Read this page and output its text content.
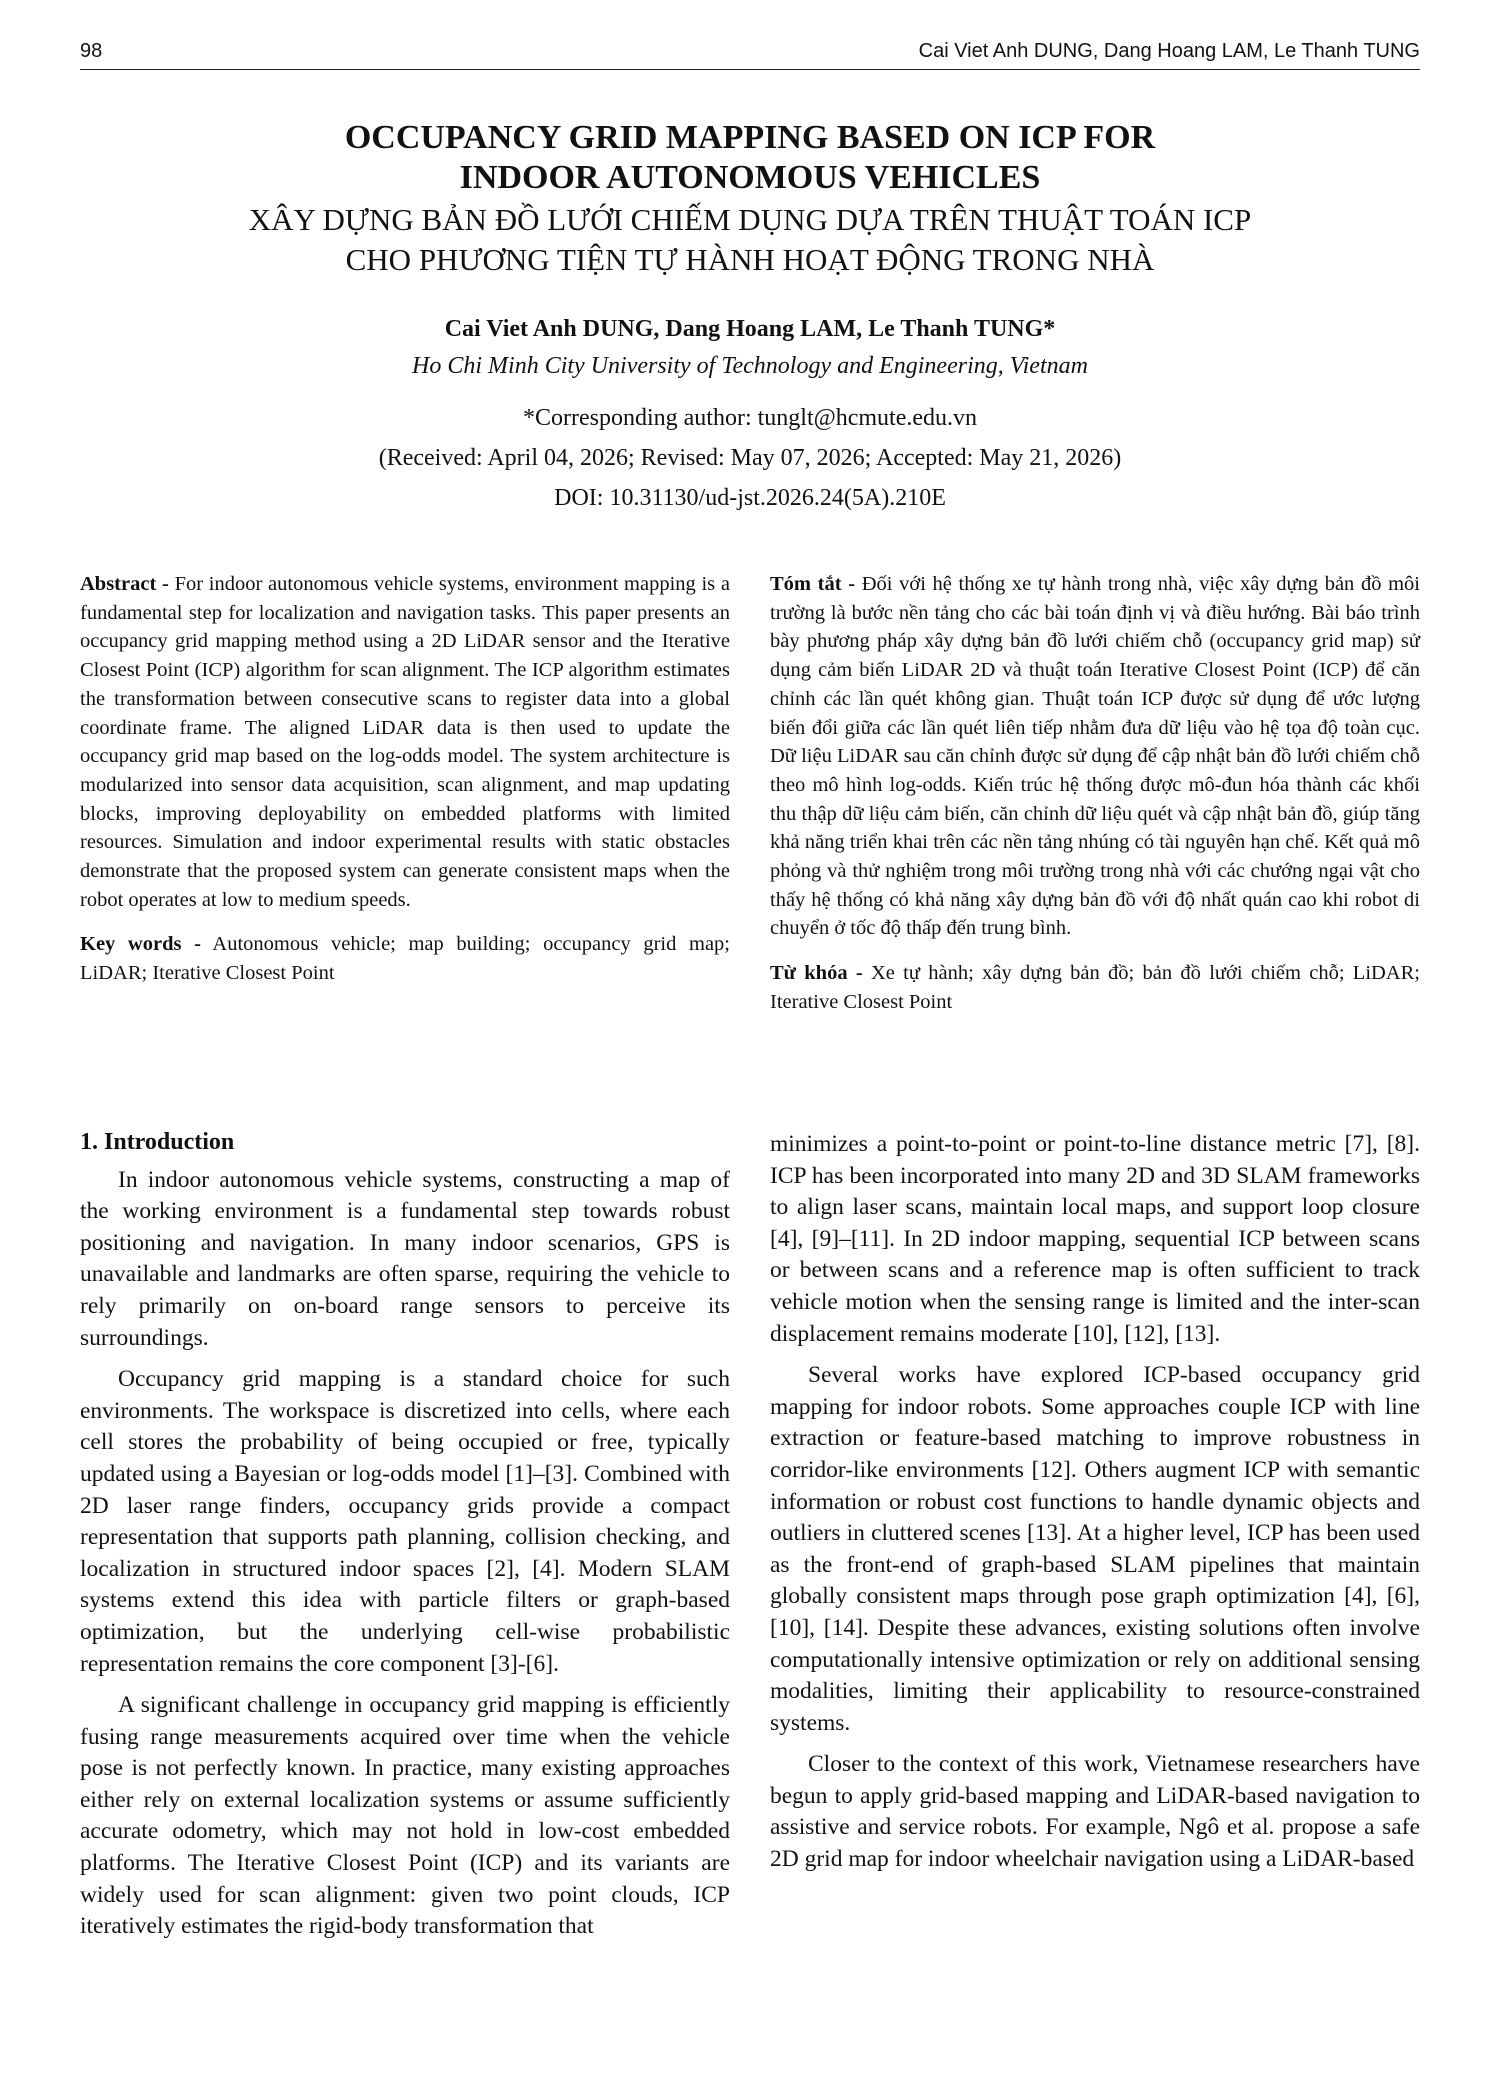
98	Cai Viet Anh DUNG, Dang Hoang LAM, Le Thanh TUNG
OCCUPANCY GRID MAPPING BASED ON ICP FOR
INDOOR AUTONOMOUS VEHICLES
XÂY DỰNG BẢN ĐỒ LƯỚI CHIẾM DỤNG DỰA TRÊN THUẬT TOÁN ICP
CHO PHƯƠNG TIỆN TỰ HÀNH HOẠT ĐỘNG TRONG NHÀ
Cai Viet Anh DUNG, Dang Hoang LAM, Le Thanh TUNG*
Ho Chi Minh City University of Technology and Engineering, Vietnam
*Corresponding author: tunglt@hcmute.edu.vn
(Received: April 04, 2026; Revised: May 07, 2026; Accepted: May 21, 2026)
DOI: 10.31130/ud-jst.2026.24(5A).210E

Abstract - For indoor autonomous vehicle systems, environment mapping is a fundamental step for localization and navigation tasks. This paper presents an occupancy grid mapping method using a 2D LiDAR sensor and the Iterative Closest Point (ICP) algorithm for scan alignment. The ICP algorithm estimates the transformation between consecutive scans to register data into a global coordinate frame. The aligned LiDAR data is then used to update the occupancy grid map based on the log-odds model. The system architecture is modularized into sensor data acquisition, scan alignment, and map updating blocks, improving deployability on embedded platforms with limited resources. Simulation and indoor experimental results with static obstacles demonstrate that the proposed system can generate consistent maps when the robot operates at low to medium speeds.

Key words - Autonomous vehicle; map building; occupancy grid map; LiDAR; Iterative Closest Point

Tóm tắt - Đối với hệ thống xe tự hành trong nhà, việc xây dựng bản đồ môi trường là bước nền tảng cho các bài toán định vị và điều hướng. Bài báo trình bày phương pháp xây dựng bản đồ lưới chiếm chỗ (occupancy grid map) sử dụng cảm biến LiDAR 2D và thuật toán Iterative Closest Point (ICP) để căn chỉnh các lần quét không gian. Thuật toán ICP được sử dụng để ước lượng biến đổi giữa các lần quét liên tiếp nhằm đưa dữ liệu vào hệ tọa độ toàn cục. Dữ liệu LiDAR sau căn chỉnh được sử dụng để cập nhật bản đồ lưới chiếm chỗ theo mô hình log-odds. Kiến trúc hệ thống được mô-đun hóa thành các khối thu thập dữ liệu cảm biến, căn chỉnh dữ liệu quét và cập nhật bản đồ, giúp tăng khả năng triển khai trên các nền tảng nhúng có tài nguyên hạn chế. Kết quả mô phỏng và thử nghiệm trong môi trường trong nhà với các chướng ngại vật cho thấy hệ thống có khả năng xây dựng bản đồ với độ nhất quán cao khi robot di chuyển ở tốc độ thấp đến trung bình.

Từ khóa - Xe tự hành; xây dựng bản đồ; bản đồ lưới chiếm chỗ; LiDAR; Iterative Closest Point

1. Introduction

In indoor autonomous vehicle systems, constructing a map of the working environment is a fundamental step towards robust positioning and navigation. In many indoor scenarios, GPS is unavailable and landmarks are often sparse, requiring the vehicle to rely primarily on on-board range sensors to perceive its surroundings.

Occupancy grid mapping is a standard choice for such environments. The workspace is discretized into cells, where each cell stores the probability of being occupied or free, typically updated using a Bayesian or log-odds model [1]–[3]. Combined with 2D laser range finders, occupancy grids provide a compact representation that supports path planning, collision checking, and localization in structured indoor spaces [2], [4]. Modern SLAM systems extend this idea with particle filters or graph-based optimization, but the underlying cell-wise probabilistic representation remains the core component [3]-[6].

A significant challenge in occupancy grid mapping is efficiently fusing range measurements acquired over time when the vehicle pose is not perfectly known. In practice, many existing approaches either rely on external localization systems or assume sufficiently accurate odometry, which may not hold in low-cost embedded platforms. The Iterative Closest Point (ICP) and its variants are widely used for scan alignment: given two point clouds, ICP iteratively estimates the rigid-body transformation that

minimizes a point-to-point or point-to-line distance metric [7], [8]. ICP has been incorporated into many 2D and 3D SLAM frameworks to align laser scans, maintain local maps, and support loop closure [4], [9]–[11]. In 2D indoor mapping, sequential ICP between scans or between scans and a reference map is often sufficient to track vehicle motion when the sensing range is limited and the inter-scan displacement remains moderate [10], [12], [13].

Several works have explored ICP-based occupancy grid mapping for indoor robots. Some approaches couple ICP with line extraction or feature-based matching to improve robustness in corridor-like environments [12]. Others augment ICP with semantic information or robust cost functions to handle dynamic objects and outliers in cluttered scenes [13]. At a higher level, ICP has been used as the front-end of graph-based SLAM pipelines that maintain globally consistent maps through pose graph optimization [4], [6], [10], [14]. Despite these advances, existing solutions often involve computationally intensive optimization or rely on additional sensing modalities, limiting their applicability to resource-constrained systems.

Closer to the context of this work, Vietnamese researchers have begun to apply grid-based mapping and LiDAR-based navigation to assistive and service robots. For example, Ngô et al. propose a safe 2D grid map for indoor wheelchair navigation using a LiDAR-based
